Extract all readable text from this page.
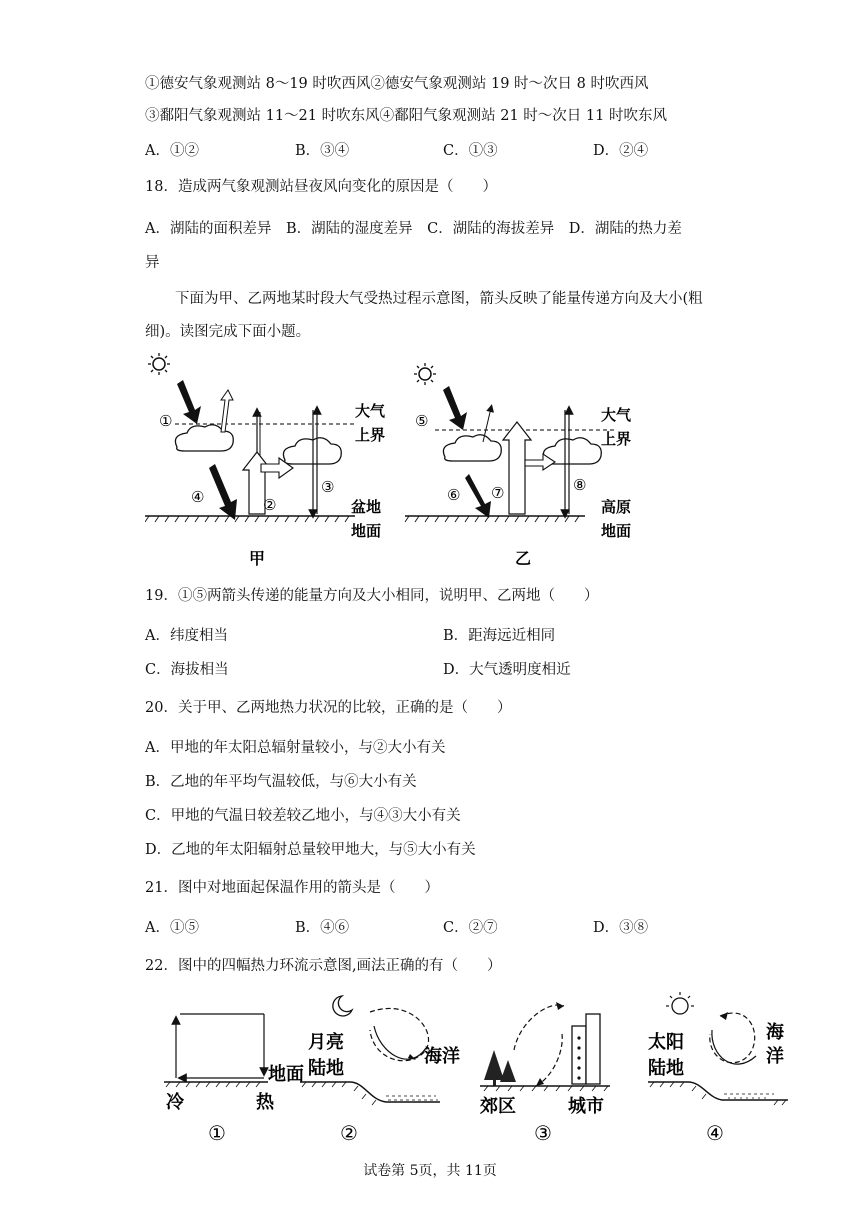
①德安气象观测站 8～19 时吹西风②德安气象观测站 19 时～次日 8 时吹西风
③鄱阳气象观测站 11～21 时吹东风④鄱阳气象观测站 21 时～次日 11 时吹东风
A．①②	B．③④	C．①③	D．②④
18．造成两气象观测站昼夜风向变化的原因是（　　）
A．湖陆的面积差异　B．湖陆的湿度差异　C．湖陆的海拔差异　D．湖陆的热力差
异
下面为甲、乙两地某时段大气受热过程示意图，箭头反映了能量传递方向及大小(粗
细)。读图完成下面小题。
①
④	②
③
大气
上界
盆地
地面
甲
⑤
⑥ ⑦	⑧
大气
上界
高原
地面
乙
19．①⑤两箭头传递的能量方向及大小相同，说明甲、乙两地（　　）
A．纬度相当	B．距海远近相同
C．海拔相当	D．大气透明度相近
20．关于甲、乙两地热力状况的比较，正确的是（　　）
A．甲地的年太阳总辐射量较小，与②大小有关
B．乙地的年平均气温较低，与⑥大小有关
C．甲地的气温日较差较乙地小，与④③大小有关
D．乙地的年太阳辐射总量较甲地大，与⑤大小有关
21．图中对地面起保温作用的箭头是（　　）
A．①⑤	B．④⑥	C．②⑦	D．③⑧
22．图中的四幅热力环流示意图,画法正确的有（　　）
地面
冷	热
①
月亮
陆地
海洋
②
郊区	城市
③
太阳
陆地
海
洋
④
试卷第 5页，共 11页
